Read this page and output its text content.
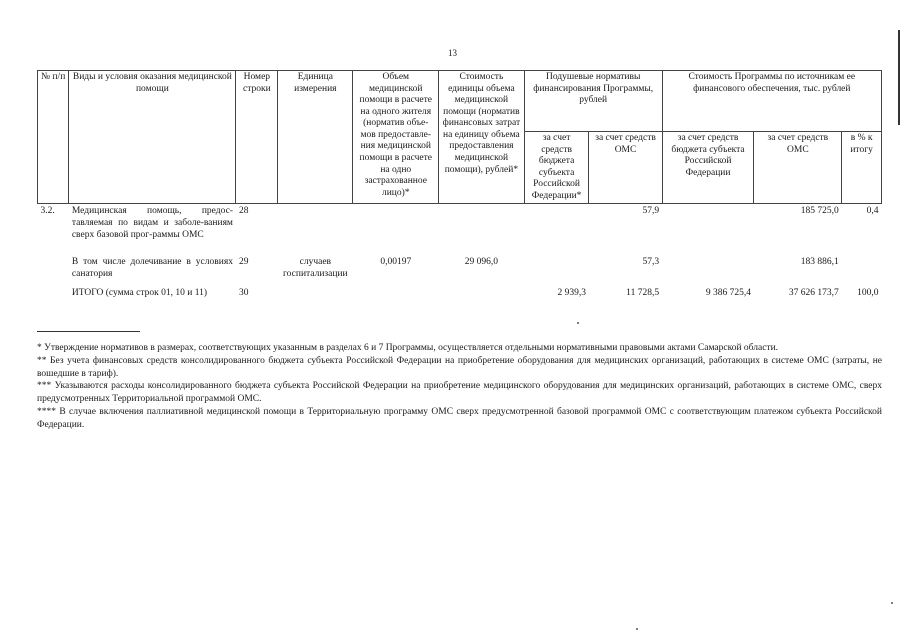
13
№ п/п	Виды и условия оказания медицинской помощи	Номер строки	Единица измерения	Объем медицинской помощи в расчете на одного жителя (норматив объе-мов предоставле-ния медицинской помощи в расчете на одно застрахованное лицо)*	Стоимость единицы объема медицинской помощи (норматив финансовых затрат на единицу объема предоставления медицинской помощи), рублей*	Подушевые нормативы финансирования Программы, рублей		Стоимость Программы по источникам ее финансового обеспечения, тыс. рублей		
						за счет средств бюджета субъекта Российской Федерации*	за счет средств ОМС	за счет средств бюджета субъекта Российской Федерации	за счет средств ОМС	в % к итогу
3.2.	Медицинская помощь, предос-тавляемая по видам и заболе-ваниям сверх базовой прог-раммы ОМС	28					57,9		185 725,0	0,4
	В том числе долечивание в условиях санатория	29	случаев госпитализации	0,00197	29 096,0		57,3		183 886,1	
	ИТОГО (сумма строк 01, 10 и 11)	30				2 939,3	11 728,5	9 386 725,4	37 626 173,7	100,0

* Утверждение нормативов в размерах, соответствующих указанным в разделах 6 и 7 Программы, осуществляется отдельными нормативными правовыми актами Самарской области.

** Без учета финансовых средств консолидированного бюджета субъекта Российской Федерации на приобретение оборудования для медицинских организаций, работающих в системе ОМС (затраты, не вошедшие в тариф).

*** Указываются расходы консолидированного бюджета субъекта Российской Федерации на приобретение медицинского оборудования для медицинских организаций, работающих в системе ОМС, сверх предусмотренных Территориальной программой ОМС.

**** В случае включения паллиативной медицинской помощи в Территориальную программу ОМС сверх предусмотренной базовой программой ОМС с соответствующим платежом субъекта Российской Федерации.
